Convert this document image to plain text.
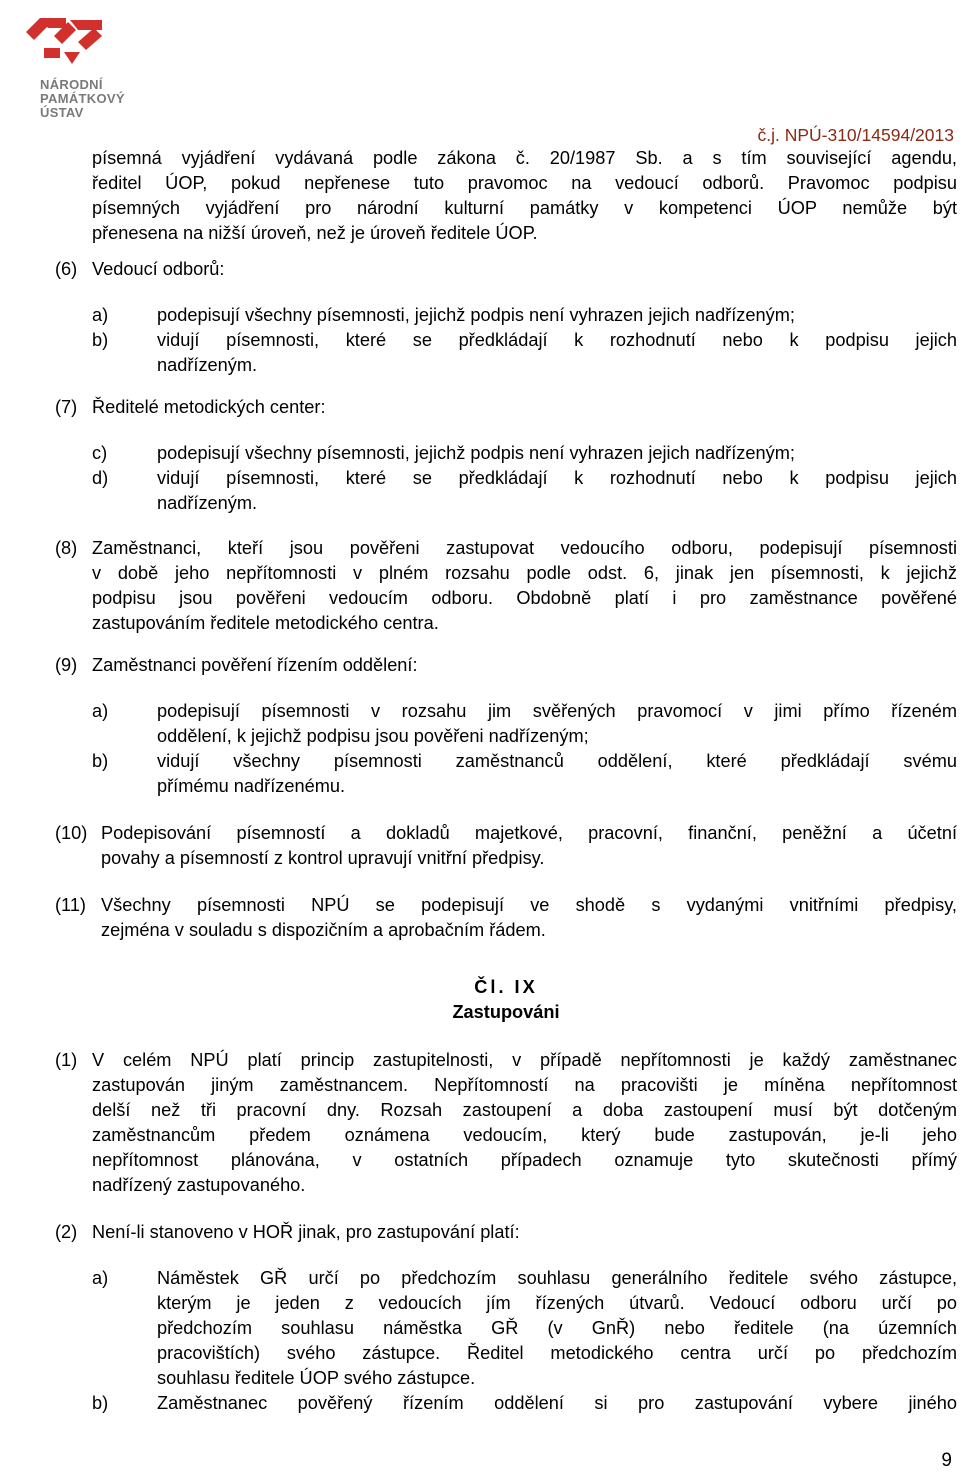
NÁRODNÍ
PAMÁTKOVÝ
ÚSTAV
č.j. NPÚ-310/14594/2013
písemná vyjádření vydávaná podle zákona č. 20/1987 Sb. a s tím související agendu,
ředitel ÚOP, pokud nepřenese tuto pravomoc na vedoucí odborů. Pravomoc podpisu
písemných vyjádření pro národní kulturní památky v kompetenci ÚOP nemůže být
přenesena na nižší úroveň, než je úroveň ředitele ÚOP.
(6) Vedoucí odborů:
a)	podepisují všechny písemnosti, jejichž podpis není vyhrazen jejich nadřízeným;
b)	vidují písemnosti, které se předkládají k rozhodnutí nebo k podpisu jejich
nadřízeným.
(7) Ředitelé metodických center:
c)	podepisují všechny písemnosti, jejichž podpis není vyhrazen jejich nadřízeným;
d)	vidují písemnosti, které se předkládají k rozhodnutí nebo k podpisu jejich
nadřízeným.
(8) Zaměstnanci, kteří jsou pověřeni zastupovat vedoucího odboru, podepisují písemnosti
v době jeho nepřítomnosti v plném rozsahu podle odst. 6, jinak jen písemnosti, k jejichž
podpisu jsou pověřeni vedoucím odboru. Obdobně platí i pro zaměstnance pověřené
zastupováním ředitele metodického centra.
(9) Zaměstnanci pověření řízením oddělení:
a)	podepisují písemnosti v rozsahu jim svěřených pravomocí v jimi přímo řízeném
oddělení, k jejichž podpisu jsou pověřeni nadřízeným;
b)	vidují všechny písemnosti zaměstnanců oddělení, které předkládají svému
přímému nadřízenému.
(10) Podepisování písemností a dokladů majetkové, pracovní, finanční, peněžní a účetní
povahy a písemností z kontrol upravují vnitřní předpisy.
(11) Všechny písemnosti NPÚ se podepisují ve shodě s vydanými vnitřními předpisy,
zejména v souladu s dispozičním a aprobačním řádem.
Čl. IX
Zastupováni
(1) V celém NPÚ platí princip zastupitelnosti, v případě nepřítomnosti je každý zaměstnanec
zastupován jiným zaměstnancem. Nepřítomností na pracovišti je míněna nepřítomnost
delší než tři pracovní dny. Rozsah zastoupení a doba zastoupení musí být dotčeným
zaměstnancům předem oznámena vedoucím, který bude zastupován, je-li jeho
nepřítomnost plánována, v ostatních případech oznamuje tyto skutečnosti přímý
nadřízený zastupovaného.
(2) Není-li stanoveno v HOŘ jinak, pro zastupování platí:
a)	Náměstek GŘ určí po předchozím souhlasu generálního ředitele svého zástupce,
kterým je jeden z vedoucích jím řízených útvarů. Vedoucí odboru určí po
předchozím souhlasu náměstka GŘ (v GnŘ) nebo ředitele (na územních
pracovištích) svého zástupce. Ředitel metodického centra určí po předchozím
souhlasu ředitele ÚOP svého zástupce.
b)	Zaměstnanec pověřený řízením oddělení si pro zastupování vybere jiného
9
